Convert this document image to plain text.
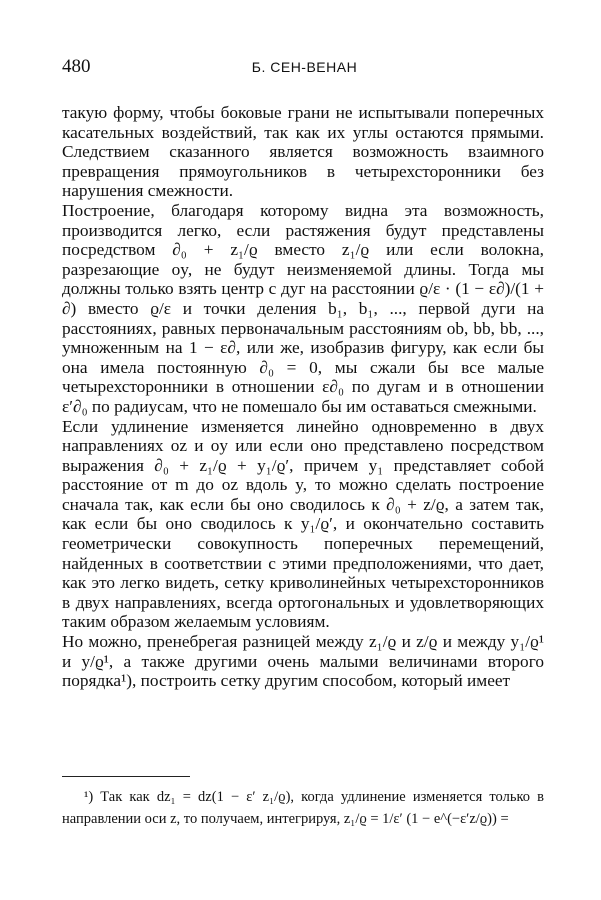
480	Б. СЕН-ВЕНАН

такую форму, чтобы боковые грани не испытывали поперечных касательных воздействий, так как их углы остаются прямыми. Следствием сказанного является возможность взаимного превращения прямоугольников в четырехсторонники без нарушения смежности.

Построение, благодаря которому видна эта возможность, производится легко, если растяжения будут представлены посредством ∂₀ + z₁/ϱ вместо z₁/ϱ или если волокна, разрезающие oy, не будут неизменяемой длины. Тогда мы должны только взять центр c дуг на расстоянии ϱ/ε · (1 − ε∂)/(1 + ∂) вместо ϱ/ε и точки деления b₁, b₁, ..., первой дуги на расстояниях, равных первоначальным расстояниям ob, bb, bb, ..., умноженным на 1 − ε∂, или же, изобразив фигуру, как если бы она имела постоянную ∂₀ = 0, мы сжали бы все малые четырехсторонники в отношении ε∂₀ по дугам и в отношении ε′∂₀ по радиусам, что не помешало бы им оставаться смежными.

Если удлинение изменяется линейно одновременно в двух направлениях oz и oy или если оно представлено посредством выражения ∂₀ + z₁/ϱ + y₁/ϱ′, причем y₁ представляет собой расстояние от m до oz вдоль y, то можно сделать построение сначала так, как если бы оно сводилось к ∂₀ + z/ϱ, а затем так, как если бы оно сводилось к y₁/ϱ′, и окончательно составить геометрически совокупность поперечных перемещений, найденных в соответствии с этими предположениями, что дает, как это легко видеть, сетку криволинейных четырехсторонников в двух направлениях, всегда ортогональных и удовлетворяющих таким образом желаемым условиям.

Но можно, пренебрегая разницей между z₁/ϱ и z/ϱ и между y₁/ϱ¹ и y/ϱ¹, а также другими очень малыми величинами второго порядка¹), построить сетку другим способом, который имеет

¹) Так как dz₁ = dz(1 − ε′ z₁/ϱ), когда удлинение изменяется только в направлении оси z, то получаем, интегрируя, z₁/ϱ = 1/ε′ (1 − e^(−ε′z/ϱ)) =
